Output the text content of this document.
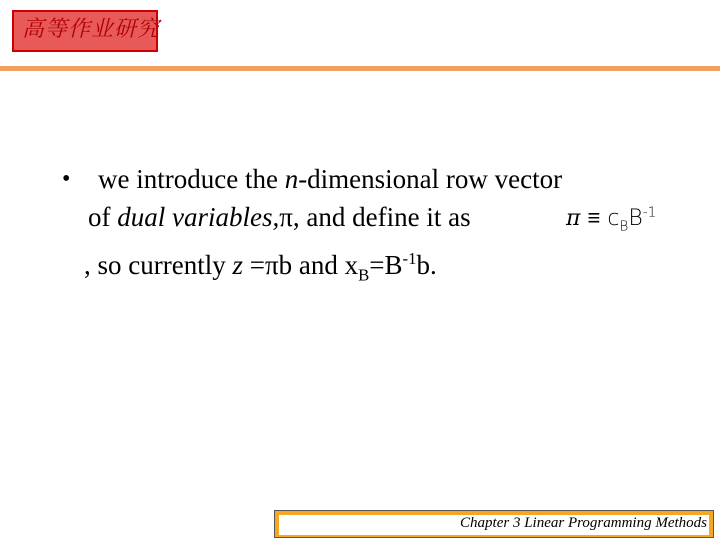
高等作业研究
• we introduce the n-dimensional row vector
of dual variables,π, and define it as	$\pi \equiv c_BB^{-1}$
, so currently z =πb and $x_B=B^{-1}b$.
Chapter 3 Linear Programming Methods
